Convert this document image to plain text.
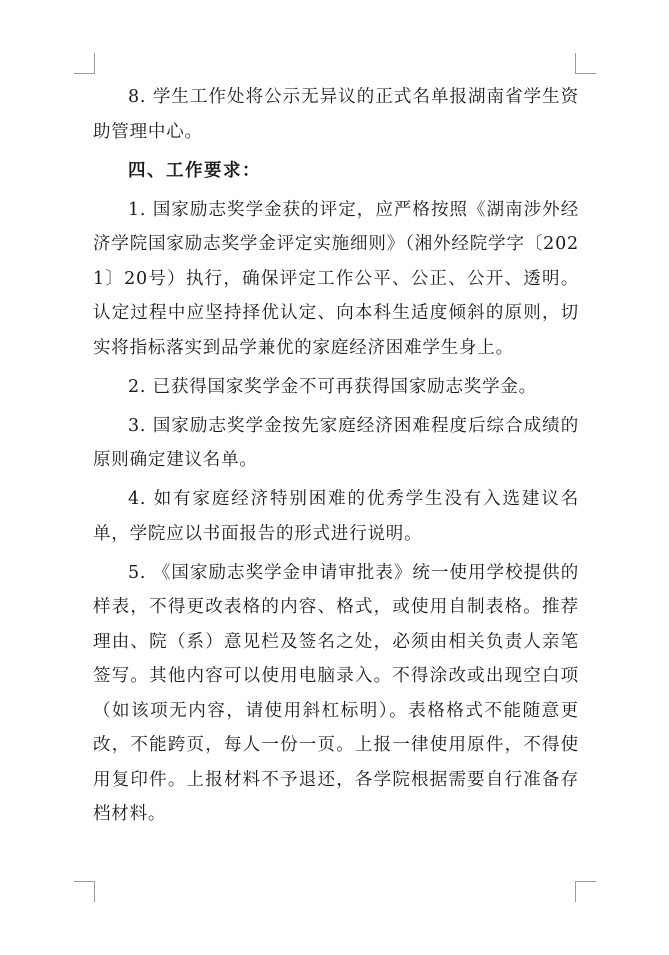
8. 学生工作处将公示无异议的正式名单报湖南省学生资助管理中心。

四、工作要求：

1. 国家励志奖学金获的评定，应严格按照《湖南涉外经济学院国家励志奖学金评定实施细则》（湘外经院学字〔2021〕20号）执行，确保评定工作公平、公正、公开、透明。认定过程中应坚持择优认定、向本科生适度倾斜的原则，切实将指标落实到品学兼优的家庭经济困难学生身上。

2. 已获得国家奖学金不可再获得国家励志奖学金。

3. 国家励志奖学金按先家庭经济困难程度后综合成绩的原则确定建议名单。

4. 如有家庭经济特别困难的优秀学生没有入选建议名单，学院应以书面报告的形式进行说明。

5. 《国家励志奖学金申请审批表》统一使用学校提供的样表，不得更改表格的内容、格式，或使用自制表格。推荐理由、院（系）意见栏及签名之处，必须由相关负责人亲笔签写。其他内容可以使用电脑录入。不得涂改或出现空白项（如该项无内容，请使用斜杠标明）。表格格式不能随意更改，不能跨页，每人一份一页。上报一律使用原件，不得使用复印件。上报材料不予退还，各学院根据需要自行准备存档材料。
